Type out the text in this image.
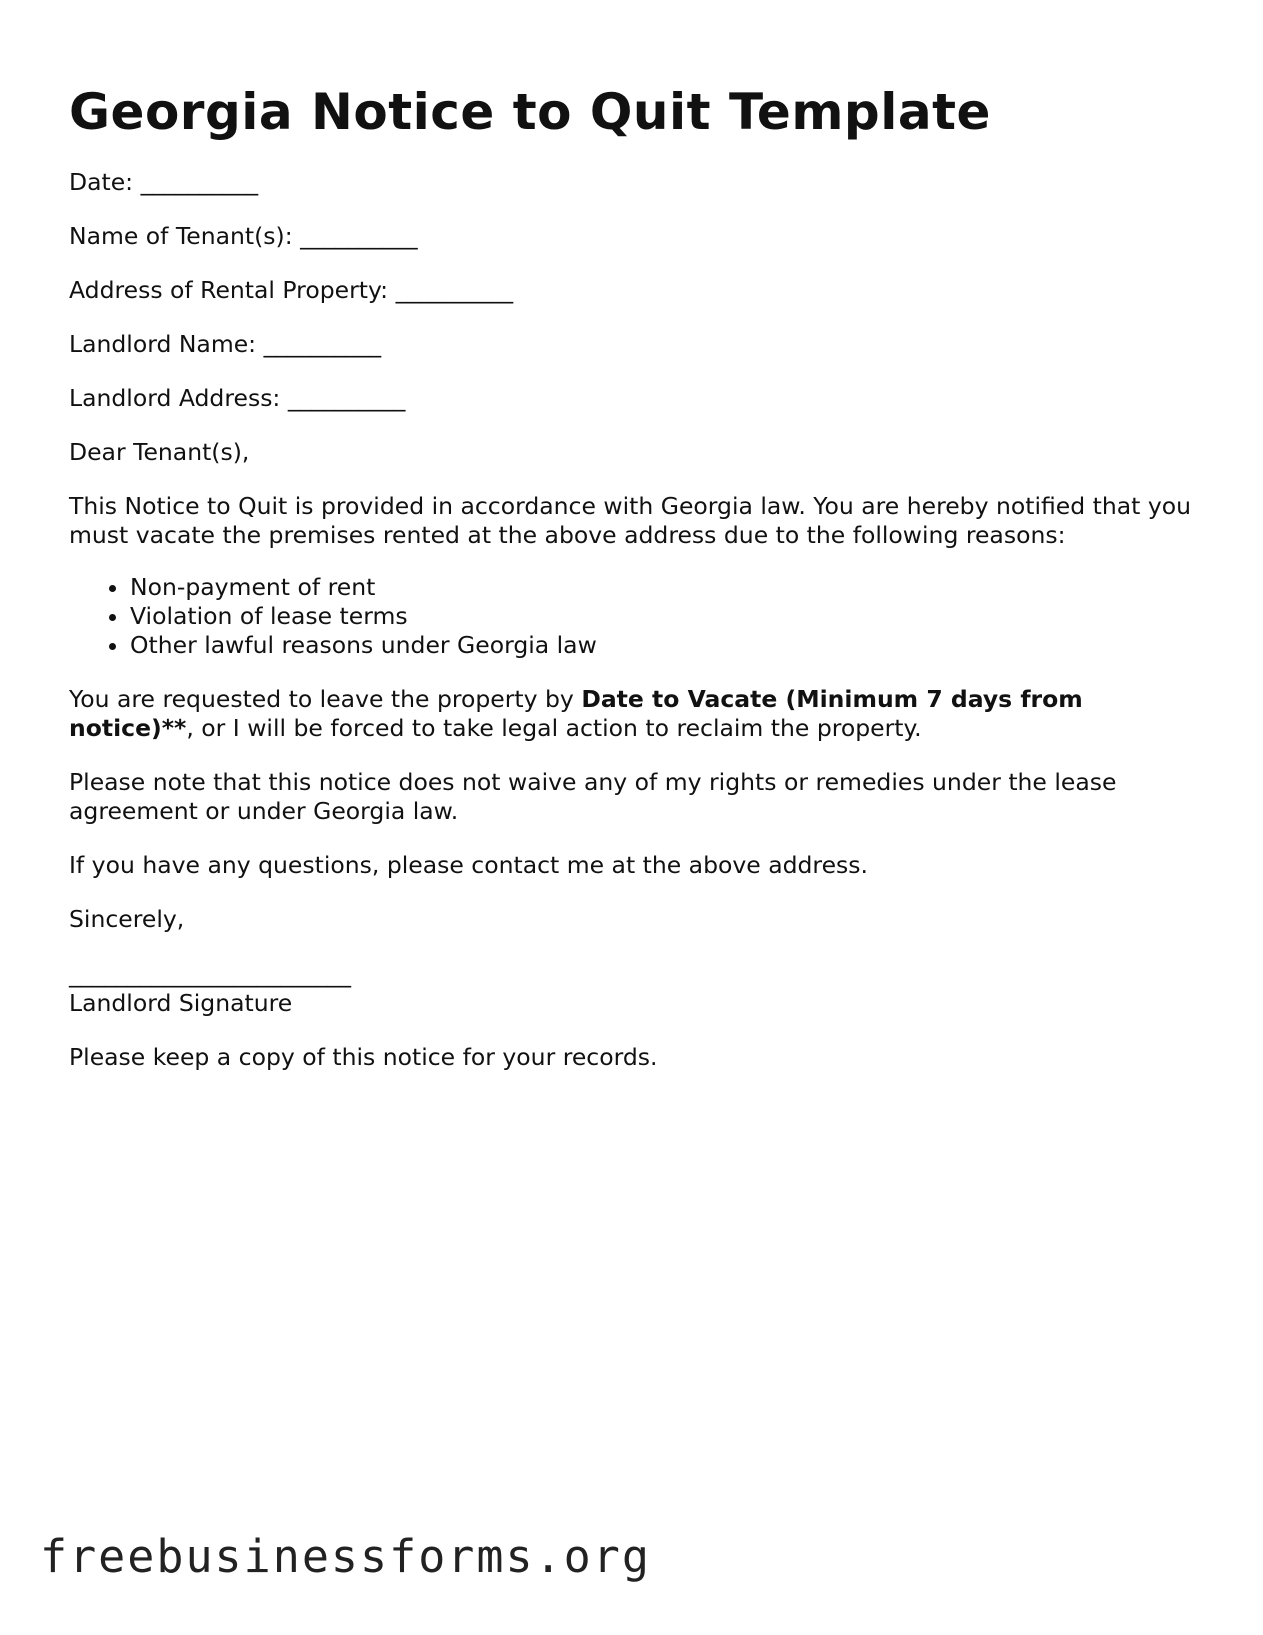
Georgia Notice to Quit Template

Date: __________

Name of Tenant(s): __________

Address of Rental Property: __________

Landlord Name: __________

Landlord Address: __________

Dear Tenant(s),

This Notice to Quit is provided in accordance with Georgia law. You are hereby notified that you must vacate the premises rented at the above address due to the following reasons:

• Non-payment of rent
• Violation of lease terms
• Other lawful reasons under Georgia law

You are requested to leave the property by Date to Vacate (Minimum 7 days from notice)**, or I will be forced to take legal action to reclaim the property.

Please note that this notice does not waive any of my rights or remedies under the lease agreement or under Georgia law.

If you have any questions, please contact me at the above address.

Sincerely,

________________________
Landlord Signature

Please keep a copy of this notice for your records.

freebusinessforms.org
